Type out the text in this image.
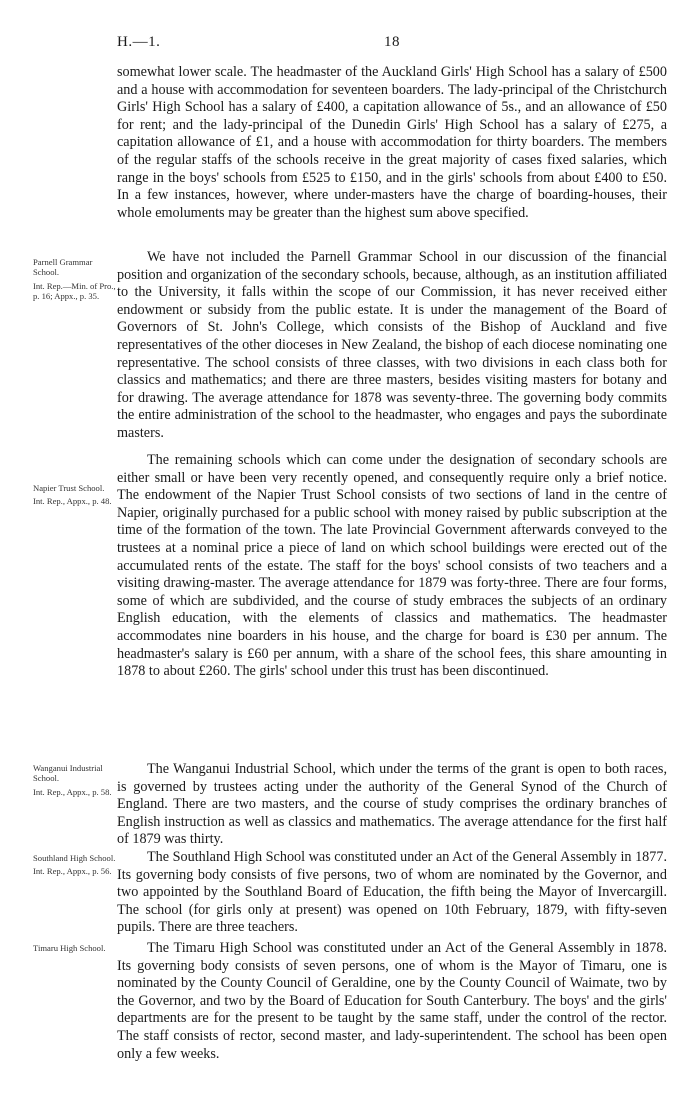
H.—1.	18

somewhat lower scale. The headmaster of the Auckland Girls' High School has a salary of £500 and a house with accommodation for seventeen boarders. The lady-principal of the Christchurch Girls' High School has a salary of £400, a capitation allowance of 5s., and an allowance of £50 for rent; and the lady-principal of the Dunedin Girls' High School has a salary of £275, a capitation allowance of £1, and a house with accommodation for thirty boarders. The members of the regular staffs of the schools receive in the great majority of cases fixed salaries, which range in the boys' schools from £525 to £150, and in the girls' schools from about £400 to £50. In a few instances, however, where under-masters have the charge of boarding-houses, their whole emoluments may be greater than the highest sum above specified.

We have not included the Parnell Grammar School in our discussion of the financial position and organization of the secondary schools, because, although, as an institution affiliated to the University, it falls within the scope of our Commission, it has never received either endowment or subsidy from the public estate. It is under the management of the Board of Governors of St. John's College, which consists of the Bishop of Auckland and five representatives of the other dioceses in New Zealand, the bishop of each diocese nominating one representative. The school consists of three classes, with two divisions in each class both for classics and mathematics; and there are three masters, besides visiting masters for botany and for drawing. The average attendance for 1878 was seventy-three. The governing body commits the entire administration of the school to the headmaster, who engages and pays the subordinate masters.

The remaining schools which can come under the designation of secondary schools are either small or have been very recently opened, and consequently require only a brief notice. The endowment of the Napier Trust School consists of two sections of land in the centre of Napier, originally purchased for a public school with money raised by public subscription at the time of the formation of the town. The late Provincial Government afterwards conveyed to the trustees at a nominal price a piece of land on which school buildings were erected out of the accumulated rents of the estate. The staff for the boys' school consists of two teachers and a visiting drawing-master. The average attendance for 1879 was forty-three. There are four forms, some of which are subdivided, and the course of study embraces the subjects of an ordinary English education, with the elements of classics and mathematics. The headmaster accommodates nine boarders in his house, and the charge for board is £30 per annum. The headmaster's salary is £60 per annum, with a share of the school fees, this share amounting in 1878 to about £260. The girls' school under this trust has been discontinued.

The Wanganui Industrial School, which under the terms of the grant is open to both races, is governed by trustees acting under the authority of the General Synod of the Church of England. There are two masters, and the course of study comprises the ordinary branches of English instruction as well as classics and mathematics. The average attendance for the first half of 1879 was thirty.

The Southland High School was constituted under an Act of the General Assembly in 1877. Its governing body consists of five persons, two of whom are nominated by the Governor, and two appointed by the Southland Board of Education, the fifth being the Mayor of Invercargill. The school (for girls only at present) was opened on 10th February, 1879, with fifty-seven pupils. There are three teachers.

The Timaru High School was constituted under an Act of the General Assembly in 1878. Its governing body consists of seven persons, one of whom is the Mayor of Timaru, one is nominated by the County Council of Geraldine, one by the County Council of Waimate, two by the Governor, and two by the Board of Education for South Canterbury. The boys' and the girls' departments are for the present to be taught by the same staff, under the control of the rector. The staff consists of rector, second master, and lady-superintendent. The school has been open only a few weeks.

Parnell Grammar School.

Int. Rep.—Min. of Pro., p. 16; Appx., p. 35.

Napier Trust School.

Int. Rep., Appx., p. 48.

Wanganui Industrial School.

Int. Rep., Appx., p. 58.

Southland High School.

Int. Rep., Appx., p. 56.

Timaru High School.
